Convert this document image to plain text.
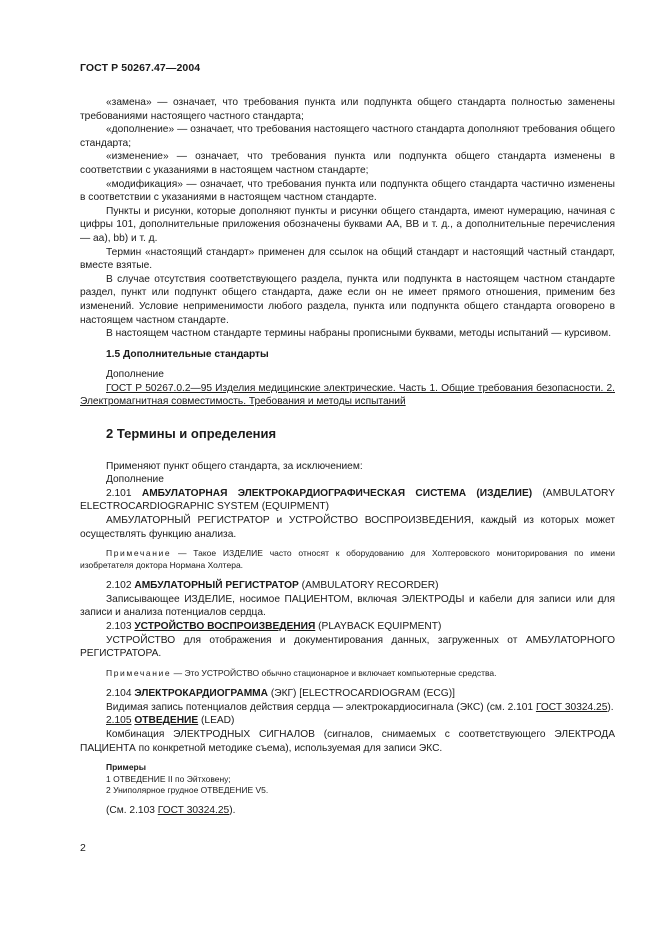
ГОСТ Р 50267.47—2004

«замена» — означает, что требования пункта или подпункта общего стандарта полностью заменены требованиями настоящего частного стандарта;

«дополнение» — означает, что требования настоящего частного стандарта дополняют требования общего стандарта;

«изменение» — означает, что требования пункта или подпункта общего стандарта изменены в соответствии с указаниями в настоящем частном стандарте;

«модификация» — означает, что требования пункта или подпункта общего стандарта частично изменены в соответствии с указаниями в настоящем частном стандарте.

Пункты и рисунки, которые дополняют пункты и рисунки общего стандарта, имеют нумерацию, начиная с цифры 101, дополнительные приложения обозначены буквами АА, ВВ и т. д., а дополнительные перечисления — аа), bb) и т. д.

Термин «настоящий стандарт» применен для ссылок на общий стандарт и настоящий частный стандарт, вместе взятые.

В случае отсутствия соответствующего раздела, пункта или подпункта в настоящем частном стандарте раздел, пункт или подпункт общего стандарта, даже если он не имеет прямого отношения, применим без изменений. Условие неприменимости любого раздела, пункта или подпункта общего стандарта оговорено в настоящем частном стандарте.

В настоящем частном стандарте термины набраны прописными буквами, методы испытаний — курсивом.

1.5 Дополнительные стандарты

Дополнение

ГОСТ Р 50267.0.2—95 Изделия медицинские электрические. Часть 1. Общие требования безопасности. 2. Электромагнитная совместимость. Требования и методы испытаний

2 Термины и определения

Применяют пункт общего стандарта, за исключением:

Дополнение

2.101 АМБУЛАТОРНАЯ ЭЛЕКТРОКАРДИОГРАФИЧЕСКАЯ СИСТЕМА (ИЗДЕЛИЕ) (AMBULATORY ELECTROCARDIOGRAPHIC SYSTEM (EQUIPMENT)

АМБУЛАТОРНЫЙ РЕГИСТРАТОР и УСТРОЙСТВО ВОСПРОИЗВЕДЕНИЯ, каждый из которых может осуществлять функцию анализа.

Примечание — Такое ИЗДЕЛИЕ часто относят к оборудованию для Холтеровского мониторирования по имени изобретателя доктора Нормана Холтера.

2.102 АМБУЛАТОРНЫЙ РЕГИСТРАТОР (AMBULATORY RECORDER)

Записывающее ИЗДЕЛИЕ, носимое ПАЦИЕНТОМ, включая ЭЛЕКТРОДЫ и кабели для записи или для записи и анализа потенциалов сердца.

2.103 УСТРОЙСТВО ВОСПРОИЗВЕДЕНИЯ (PLAYBACK EQUIPMENT)

УСТРОЙСТВО для отображения и документирования данных, загруженных от АМБУЛАТОРНОГО РЕГИСТРАТОРА.

Примечание — Это УСТРОЙСТВО обычно стационарное и включает компьютерные средства.

2.104 ЭЛЕКТРОКАРДИОГРАММА (ЭКГ) [ELECTROCARDIOGRAM (ECG)]

Видимая запись потенциалов действия сердца — электрокардиосигнала (ЭКС) (см. 2.101 ГОСТ 30324.25).

2.105 ОТВЕДЕНИЕ (LEAD)

Комбинация ЭЛЕКТРОДНЫХ СИГНАЛОВ (сигналов, снимаемых с соответствующего ЭЛЕКТРОДА ПАЦИЕНТА по конкретной методике съема), используемая для записи ЭКС.

Примеры

1 ОТВЕДЕНИЕ II по Эйтховену;

2 Униполярное грудное ОТВЕДЕНИЕ V5.

(См. 2.103 ГОСТ 30324.25).

2
